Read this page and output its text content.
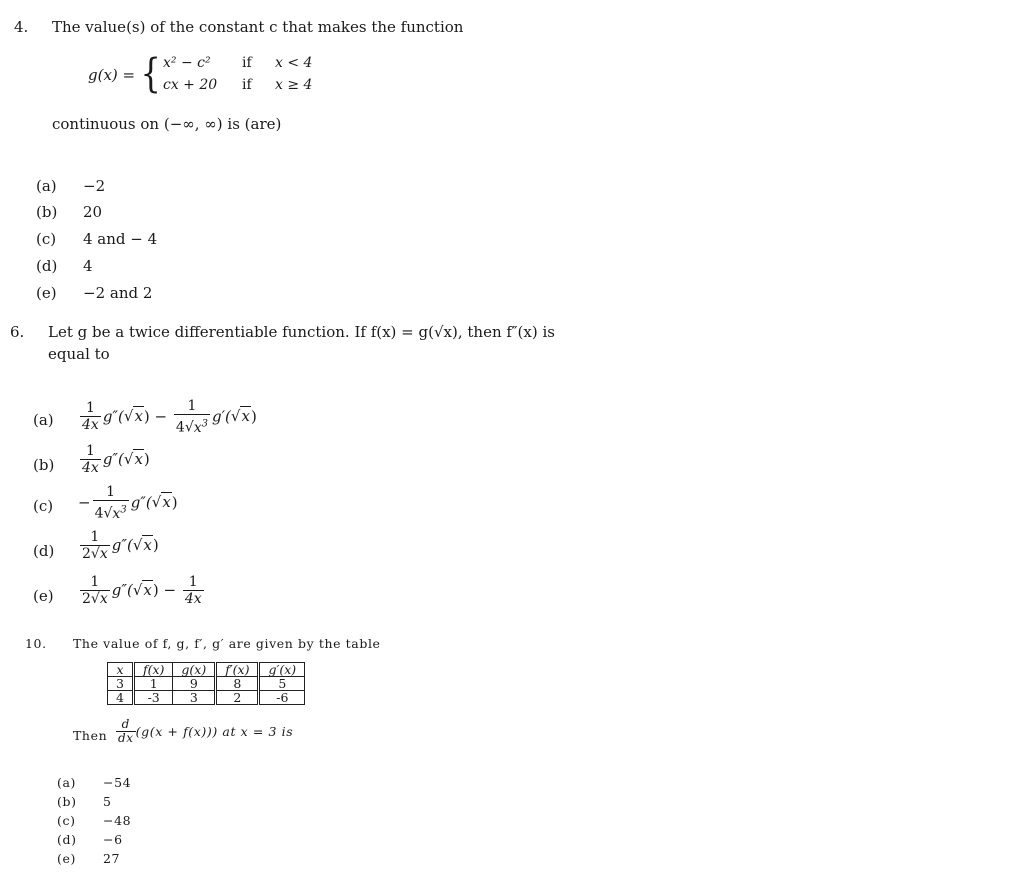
4. The value(s) of the constant c that makes the function
g(x) = { x² − c² if x < 4
cx + 20 if x ≥ 4
continuous on (−∞, ∞) is (are)
(a) −2
(b) 20
(c) 4 and − 4
(d) 4
(e) −2 and 2
6. Let g be a twice differentiable function. If f(x) = g(√x), then f″(x) is
equal to
$(a) \frac{1}{4x} g''(√x) - \frac{1}{4√x^3} g'(√x)$
$(b) \frac{1}{4x} g''(√x)$
$(c) - \frac{1}{4√x^3} g''(√x)$
$(d) \frac{1}{2√x} g''(√x)$
$(e) \frac{1}{2√x} g''(√x) - \frac{1}{4x}$
10. The value of f, g, f′, g′ are given by the table
x	f(x)	g(x)	f′(x)	g′(x)
3	1	9	8	5
4	-3	3	2	-6
Then $\frac{d}{dx} (g(x + f(x)))$ at x = 3 is
(a) −54
(b) 5
(c) −48
(d) −6
(e) 27
